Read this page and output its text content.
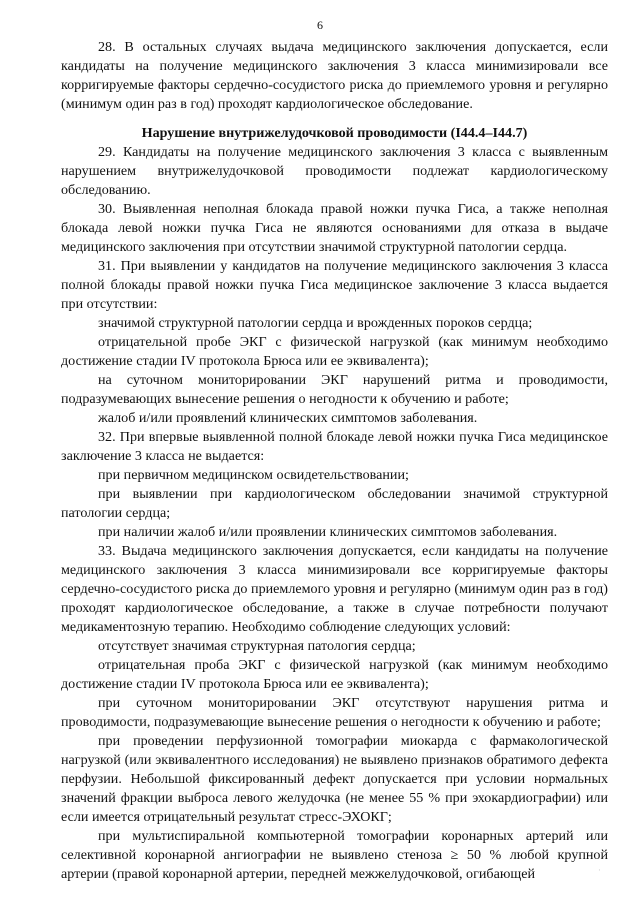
6

28. В остальных случаях выдача медицинского заключения допускается, если кандидаты на получение медицинского заключения 3 класса минимизировали все корригируемые факторы сердечно-сосудистого риска до приемлемого уровня и регулярно (минимум один раз в год) проходят кардиологическое обследование.

Нарушение внутрижелудочковой проводимости (I44.4–I44.7)

29. Кандидаты на получение медицинского заключения 3 класса с выявленным нарушением внутрижелудочковой проводимости подлежат кардиологическому обследованию.

30. Выявленная неполная блокада правой ножки пучка Гиса, а также неполная блокада левой ножки пучка Гиса не являются основаниями для отказа в выдаче медицинского заключения при отсутствии значимой структурной патологии сердца.

31. При выявлении у кандидатов на получение медицинского заключения 3 класса полной блокады правой ножки пучка Гиса медицинское заключение 3 класса выдается при отсутствии:

значимой структурной патологии сердца и врожденных пороков сердца;

отрицательной пробе ЭКГ с физической нагрузкой (как минимум необходимо достижение стадии IV протокола Брюса или ее эквивалента);

на суточном мониторировании ЭКГ нарушений ритма и проводимости, подразумевающих вынесение решения о негодности к обучению и работе;

жалоб и/или проявлений клинических симптомов заболевания.

32. При впервые выявленной полной блокаде левой ножки пучка Гиса медицинское заключение 3 класса не выдается:

при первичном медицинском освидетельствовании;

при выявлении при кардиологическом обследовании значимой структурной патологии сердца;

при наличии жалоб и/или проявлении клинических симптомов заболевания.

33. Выдача медицинского заключения допускается, если кандидаты на получение медицинского заключения 3 класса минимизировали все корригируемые факторы сердечно-сосудистого риска до приемлемого уровня и регулярно (минимум один раз в год) проходят кардиологическое обследование, а также в случае потребности получают медикаментозную терапию. Необходимо соблюдение следующих условий:

отсутствует значимая структурная патология сердца;

отрицательная проба ЭКГ с физической нагрузкой (как минимум необходимо достижение стадии IV протокола Брюса или ее эквивалента);

при суточном мониторировании ЭКГ отсутствуют нарушения ритма и проводимости, подразумевающие вынесение решения о негодности к обучению и работе;

при проведении перфузионной томографии миокарда с фармакологической нагрузкой (или эквивалентного исследования) не выявлено признаков обратимого дефекта перфузии. Небольшой фиксированный дефект допускается при условии нормальных значений фракции выброса левого желудочка (не менее 55 % при эхокардиографии) или если имеется отрицательный результат стресс-ЭХОКГ;

при мультиспиральной компьютерной томографии коронарных артерий или селективной коронарной ангиографии не выявлено стеноза ≥ 50 % любой крупной артерии (правой коронарной артерии, передней межжелудочковой, огибающей	·
